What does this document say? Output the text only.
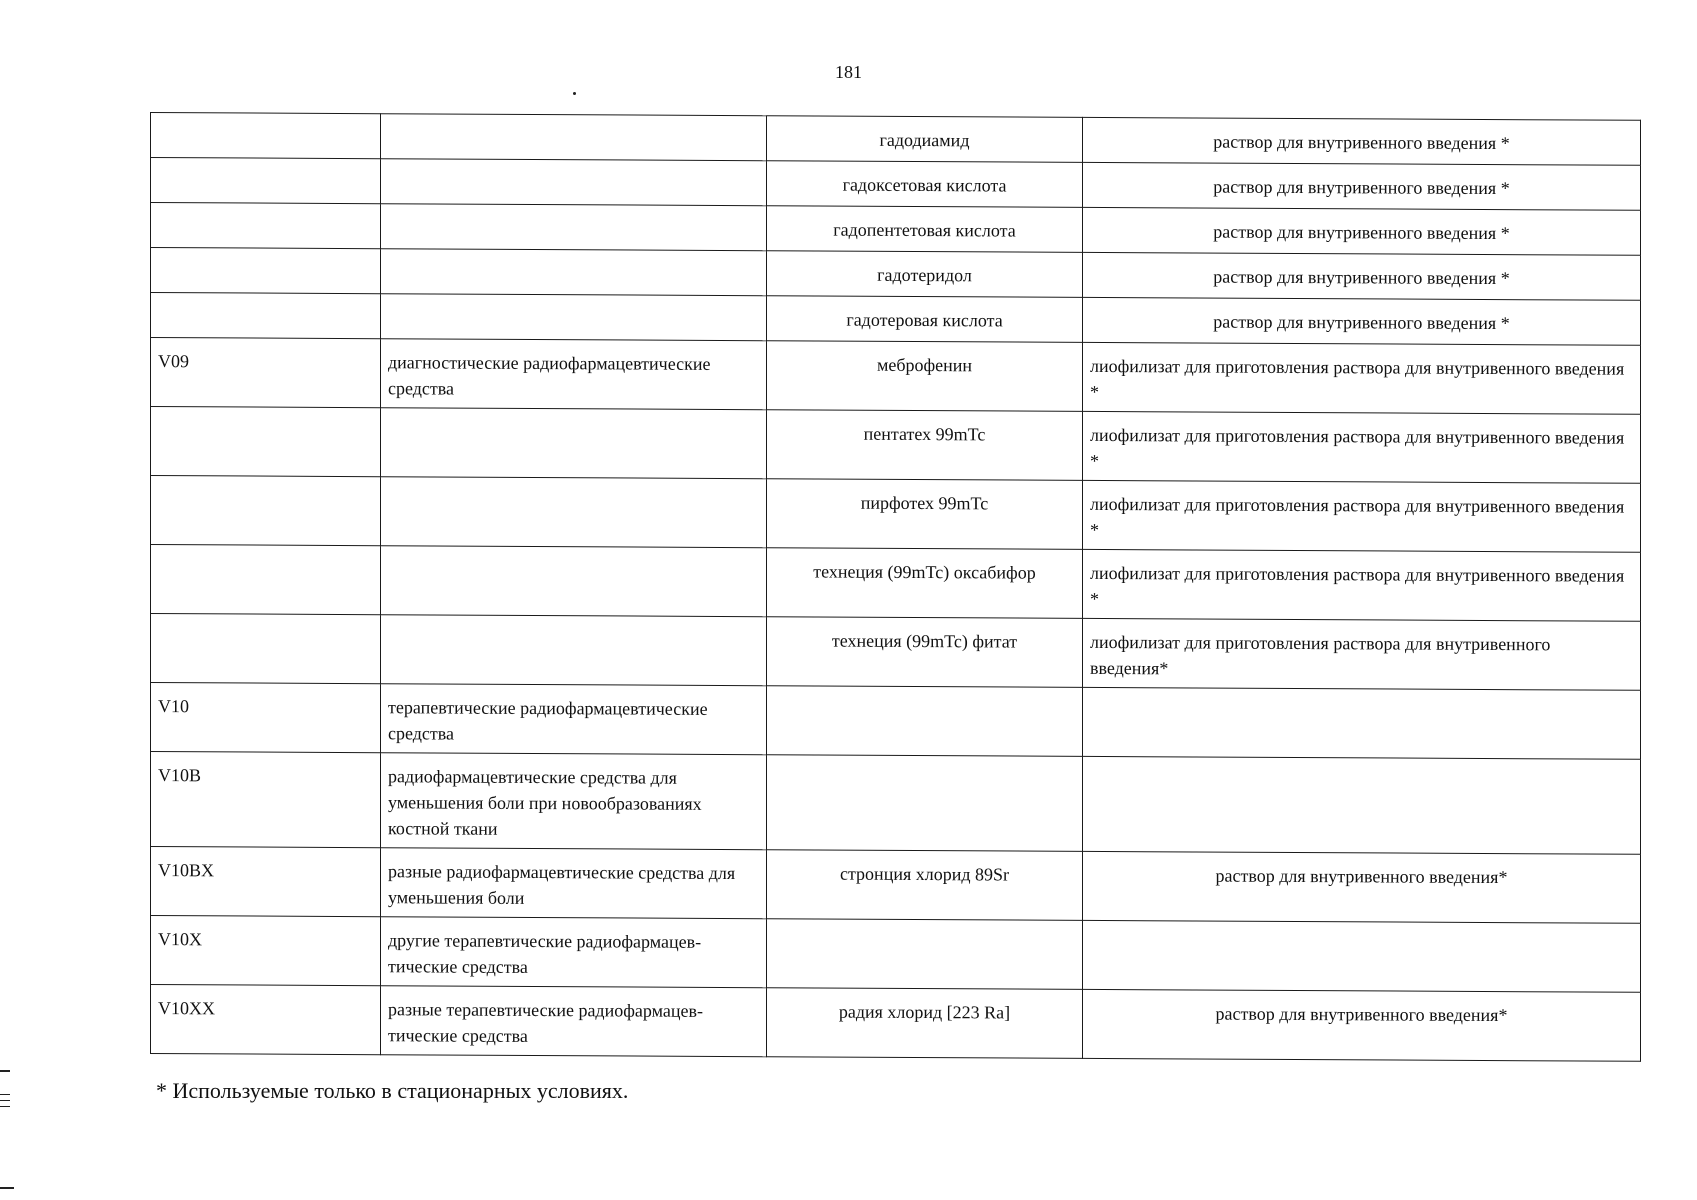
181
		гадодиамид	раствор для внутривенного введения *
		гадоксетовая кислота	раствор для внутривенного введения *
		гадопентетовая кислота	раствор для внутривенного введения *
		гадотеридол	раствор для внутривенного введения *
		гадотеровая кислота	раствор для внутривенного введения *
V09	диагностические радиофармацевтические средства	меброфенин	лиофилизат для приготовления раствора для внутривенного введения *
		пентатех 99mTc	лиофилизат для приготовления раствора для внутривенного введения *
		пирфотех 99mTc	лиофилизат для приготовления раствора для внутривенного введения *
		технеция (99mTc) оксабифор	лиофилизат для приготовления раствора для внутривенного введения *
		технеция (99mTc) фитат	лиофилизат для приготовления раствора для внутривенного введения*
V10	терапевтические радиофармацевтические средства		
V10B	радиофармацевтические средства для уменьшения боли при новообразованиях костной ткани		
V10BX	разные радиофармацевтические средства для уменьшения боли	стронция хлорид 89Sr	раствор для внутривенного введения*
V10X	другие терапевтические радиофармацев-тические средства		
V10XX	разные терапевтические радиофармацев-тические средства	радия хлорид [223 Ra]	раствор для внутривенного введения*
* Используемые только в стационарных условиях.
